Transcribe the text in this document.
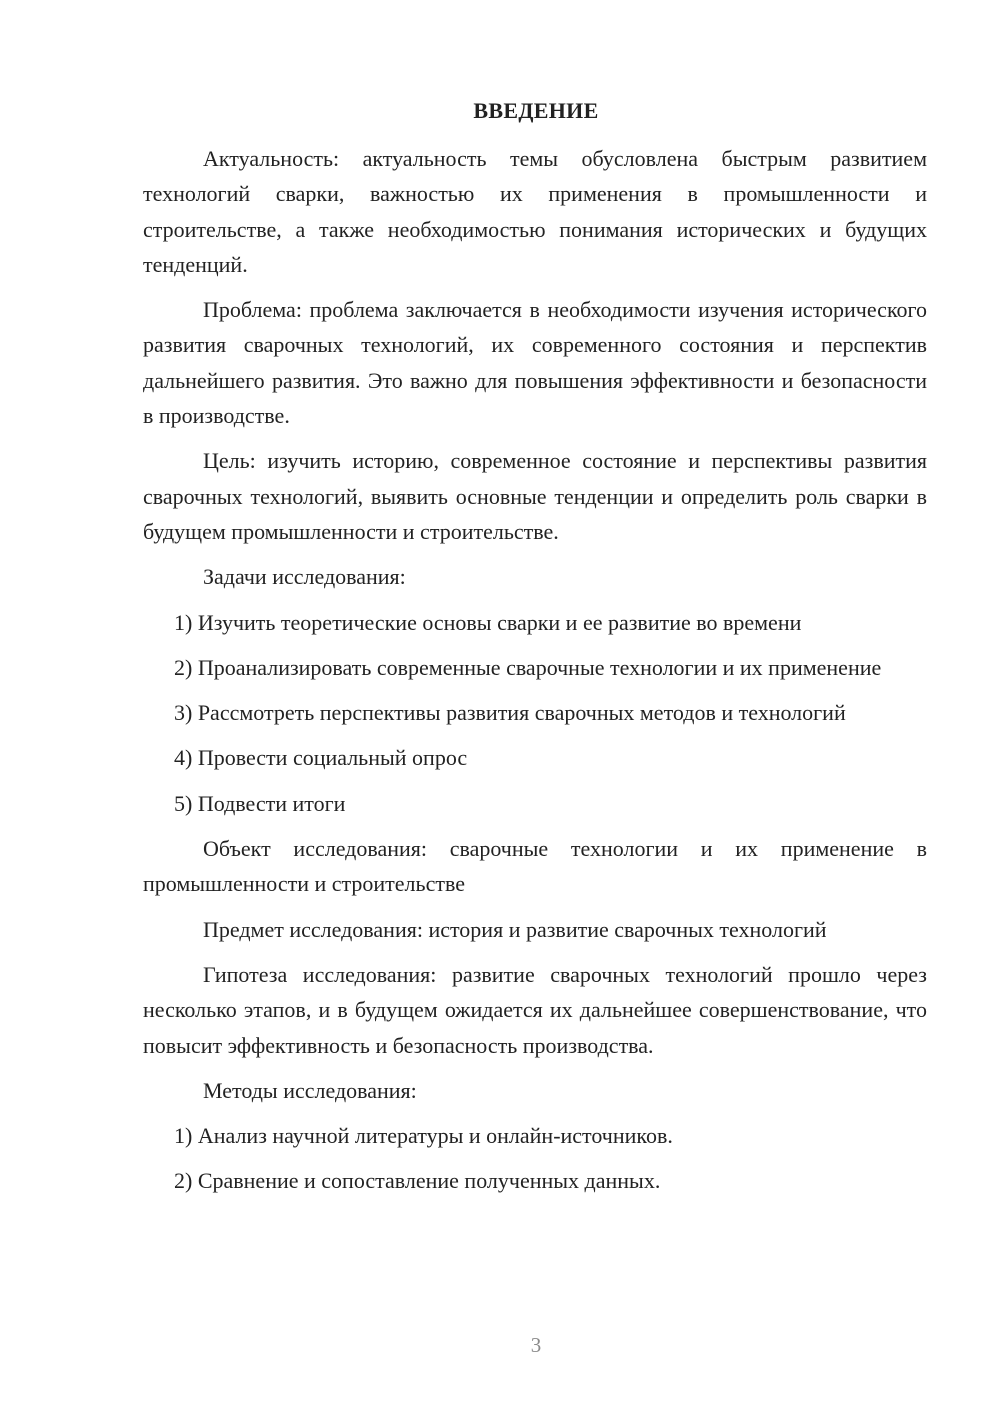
ВВЕДЕНИЕ

Актуальность: актуальность темы обусловлена быстрым развитием технологий сварки, важностью их применения в промышленности и строительстве, а также необходимостью понимания исторических и будущих тенденций.

Проблема: проблема заключается в необходимости изучения исторического развития сварочных технологий, их современного состояния и перспектив дальнейшего развития. Это важно для повышения эффективности и безопасности в производстве.

Цель: изучить историю, современное состояние и перспективы развития сварочных технологий, выявить основные тенденции и определить роль сварки в будущем промышленности и строительстве.

Задачи исследования:

1) Изучить теоретические основы сварки и ее развитие во времени

2) Проанализировать современные сварочные технологии и их применение

3) Рассмотреть перспективы развития сварочных методов и технологий

4) Провести социальный опрос

5) Подвести итоги

Объект исследования: сварочные технологии и их применение в промышленности и строительстве

Предмет исследования: история и развитие сварочных технологий

Гипотеза исследования: развитие сварочных технологий прошло через несколько этапов, и в будущем ожидается их дальнейшее совершенствование, что повысит эффективность и безопасность производства.

Методы исследования:

1) Анализ научной литературы и онлайн-источников.

2) Сравнение и сопоставление полученных данных.

3
